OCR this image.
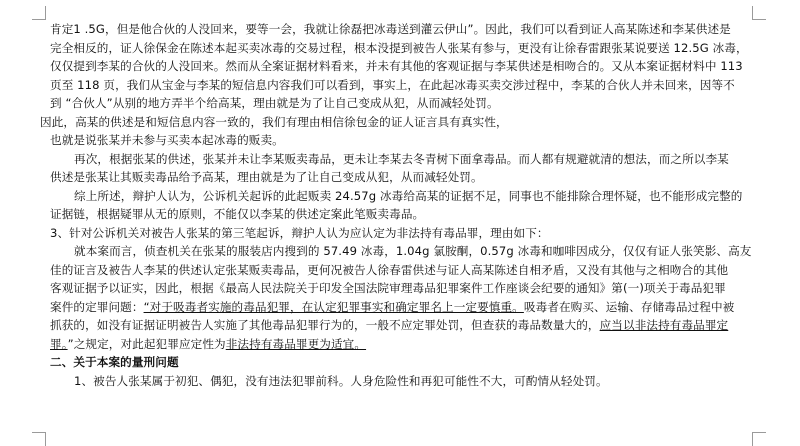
肯定1 .5G，但是他合伙的人没回来，要等一会，我就让徐磊把冰毒送到灌云伊山”。因此，我们可以看到证人高某陈述和李某供述是

完全相反的，证人徐保金在陈述本起买卖冰毒的交易过程，根本没提到被告人张某有参与，更没有让徐春雷跟张某说要送 12.5G 冰毒，

仅仅提到李某的合伙的人没回来。然而从全案证据材料看来，并未有其他的客观证据与李某供述是相吻合的。又从本案证据材料中 113

页至 118 页，我们从宝金与李某的短信息内容我们可以看到，事实上，在此起冰毒买卖交涉过程中，李某的合伙人并未回来，因等不

到 “合伙人”从别的地方弄半个给高某，理由就是为了让自己变成从犯，从而减轻处罚。

因此，高某的供述是和短信息内容一致的，我们有理由相信徐包金的证人证言具有真实性，

也就是说张某并未参与买卖本起冰毒的贩卖。

再次，根据张某的供述，张某并未让李某贩卖毒品，更未让李某去冬青树下面拿毒品。而人都有规避就清的想法，而之所以李某

供述是张某让其贩卖毒品给予高某，理由就是为了让自己变成从犯，从而减轻处罚。

综上所述，辩护人认为，公诉机关起诉的此起贩卖 24.57g 冰毒给高某的证据不足，同事也不能排除合理怀疑，也不能形成完整的

证据链，根据疑罪从无的原则，不能仅以李某的供述定案此笔贩卖毒品。

3、针对公诉机关对被告人张某的第三笔起诉，辩护人认为应认定为非法持有毒品罪，理由如下：

就本案而言，侦查机关在张某的服装店内搜到的 57.49 冰毒，1.04g 氯胺酮，0.57g 冰毒和咖啡因成分，仅仅有证人张笑影、高友

佳的证言及被告人李某的供述认定张某贩卖毒品，更何况被告人徐春雷供述与证人高某陈述自相矛盾，又没有其他与之相吻合的其他

客观证据予以证实，因此，根据《最高人民法院关于印发全国法院审理毒品犯罪案件工作座谈会纪要的通知》第(一)项关于毒品犯罪

案件的定罪问题：“对于吸毒者实施的毒品犯罪，在认定犯罪事实和确定罪名上一定要慎重。吸毒者在购买、运输、存储毒品过程中被

抓获的，如没有证据证明被告人实施了其他毒品犯罪行为的，一般不应定罪处罚，但查获的毒品数量大的，应当以非法持有毒品罪定

罪。”之规定，对此起犯罪应定性为非法持有毒品罪更为适宜。

二、关于本案的量刑问题

1、被告人张某属于初犯、偶犯，没有违法犯罪前科。人身危险性和再犯可能性不大，可酌情从轻处罚。
